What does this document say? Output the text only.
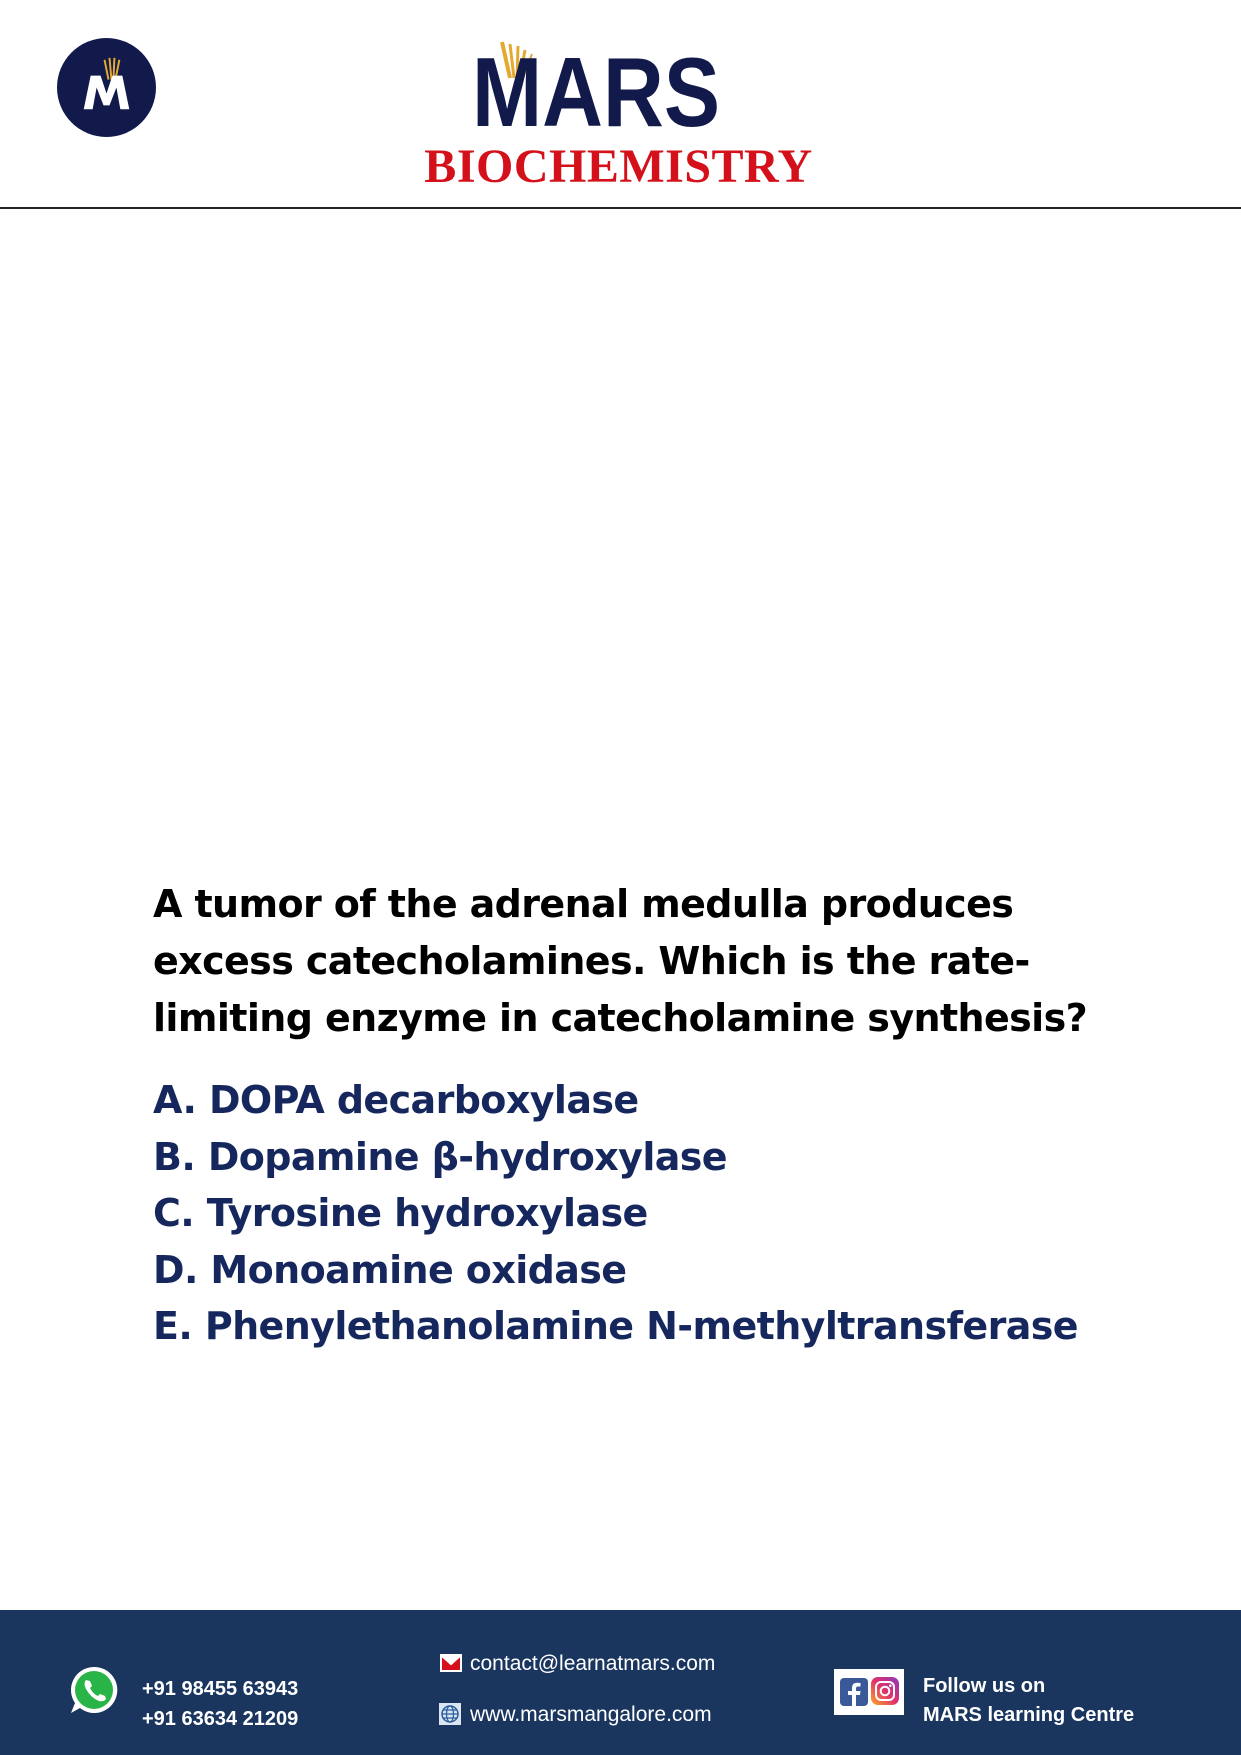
MARS
BIOCHEMISTRY

A tumor of the adrenal medulla produces excess catecholamines. Which is the rate-limiting enzyme in catecholamine synthesis?

A. DOPA decarboxylase
B. Dopamine β-hydroxylase
C. Tyrosine hydroxylase
D. Monoamine oxidase
E. Phenylethanolamine N-methyltransferase
+91 98455 63943
+91 63634 21209
contact@learnatmars.com
www.marsmangalore.com
Follow us on
MARS learning Centre
